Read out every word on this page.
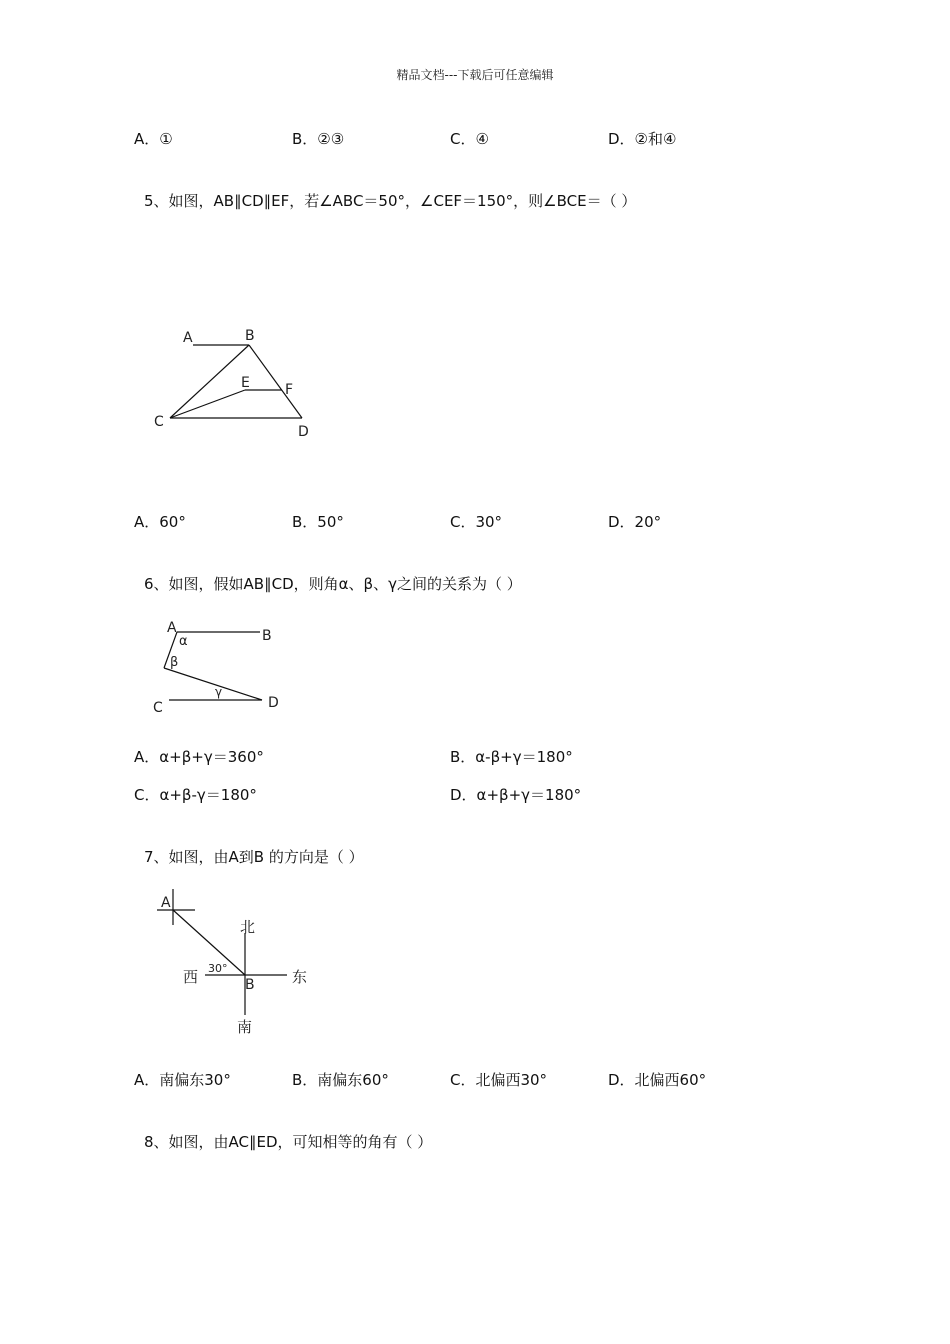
精品文档---下载后可任意编辑
A．①	B．②③	C．④	D．②和④
5、如图，AB∥CD∥EF，若∠ABC＝50°，∠CEF＝150°，则∠BCE＝（ ）
A	B
E	F
C
D
A．60°	B．50°	C．30°	D．20°
6、如图，假如AB∥CD，则角α、β、γ之间的关系为（ ）
A	B
C	D
α
β
γ
A．α+β+γ＝360°	B．α-β+γ＝180°
C．α+β-γ＝180°	D．α+β+γ＝180°
7、如图，由A到B 的方向是（ ）
A
B
北
南
东
西 30°
A．南偏东30°	B．南偏东60°	C．北偏西30°	D．北偏西60°
8、如图，由AC∥ED，可知相等的角有（ ）
